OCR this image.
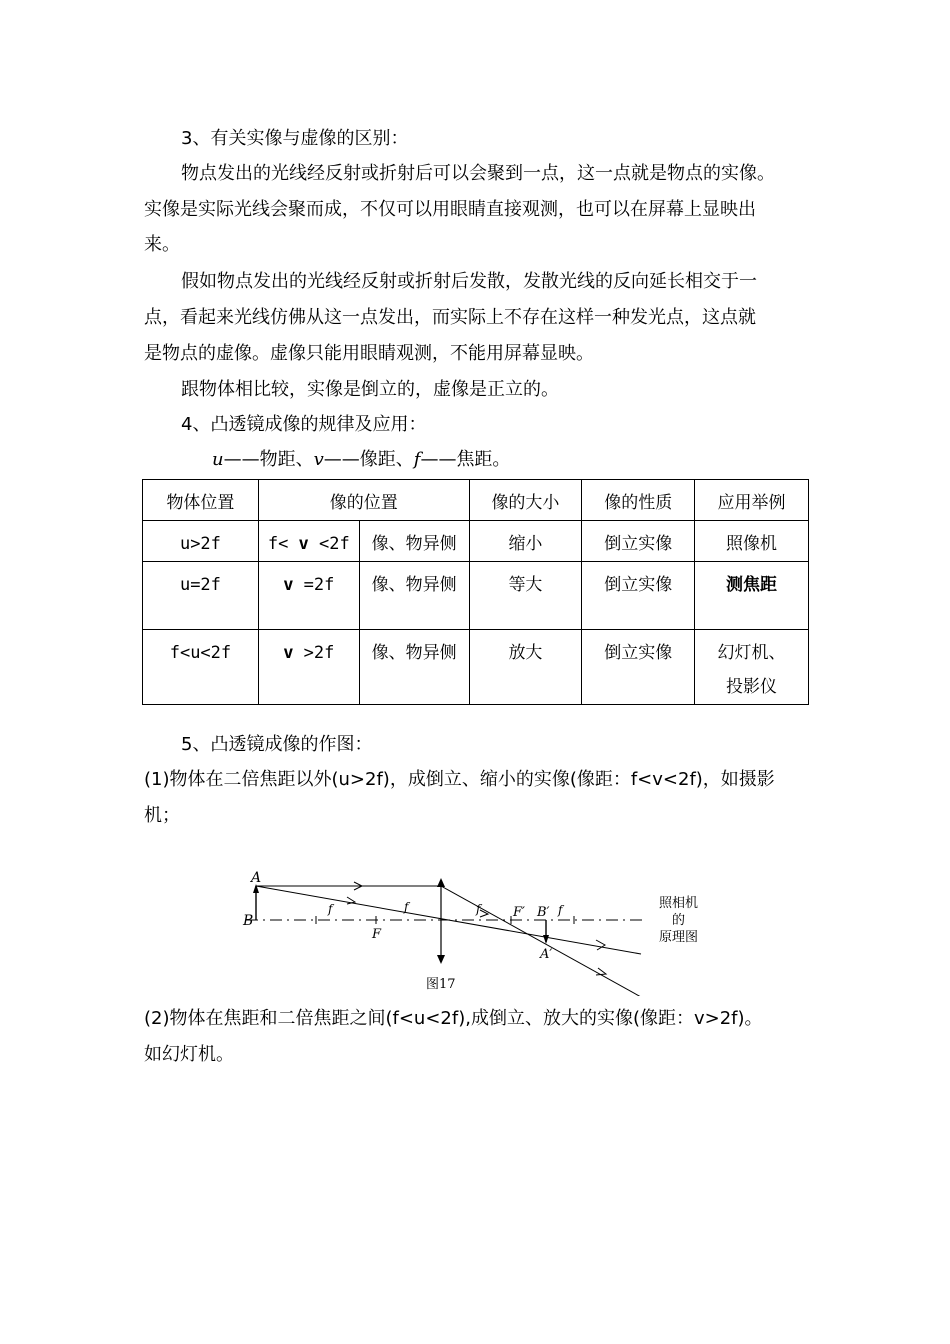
3、有关实像与虚像的区别：
物点发出的光线经反射或折射后可以会聚到一点，这一点就是物点的实像。
实像是实际光线会聚而成，不仅可以用眼睛直接观测，也可以在屏幕上显映出
来。
假如物点发出的光线经反射或折射后发散，发散光线的反向延长相交于一
点，看起来光线仿佛从这一点发出，而实际上不存在这样一种发光点，这点就
是物点的虚像。虚像只能用眼睛观测，不能用屏幕显映。
跟物体相比较，实像是倒立的，虚像是正立的。
4、凸透镜成像的规律及应用：
u——物距、v——像距、f——焦距。
物体位置	像的位置		像的大小	像的性质	应用举例
u>2f	f< v <2f	像、物异侧	缩小	倒立实像	照像机
u=2f	v =2f	像、物异侧	等大	倒立实像	测焦距
f<u<2f	v >2f	像、物异侧	放大	倒立实像	幻灯机、
投影仪
5、凸透镜成像的作图：
(1)物体在二倍焦距以外(u>2f)，成倒立、缩小的实像(像距：f<v<2f)，如摄影
机；
A
B
f
F
f	f	F′ B′ f
A′
照相机
的
原理图
图17
(2)物体在焦距和二倍焦距之间(f<u<2f),成倒立、放大的实像(像距：v>2f)。
如幻灯机。
